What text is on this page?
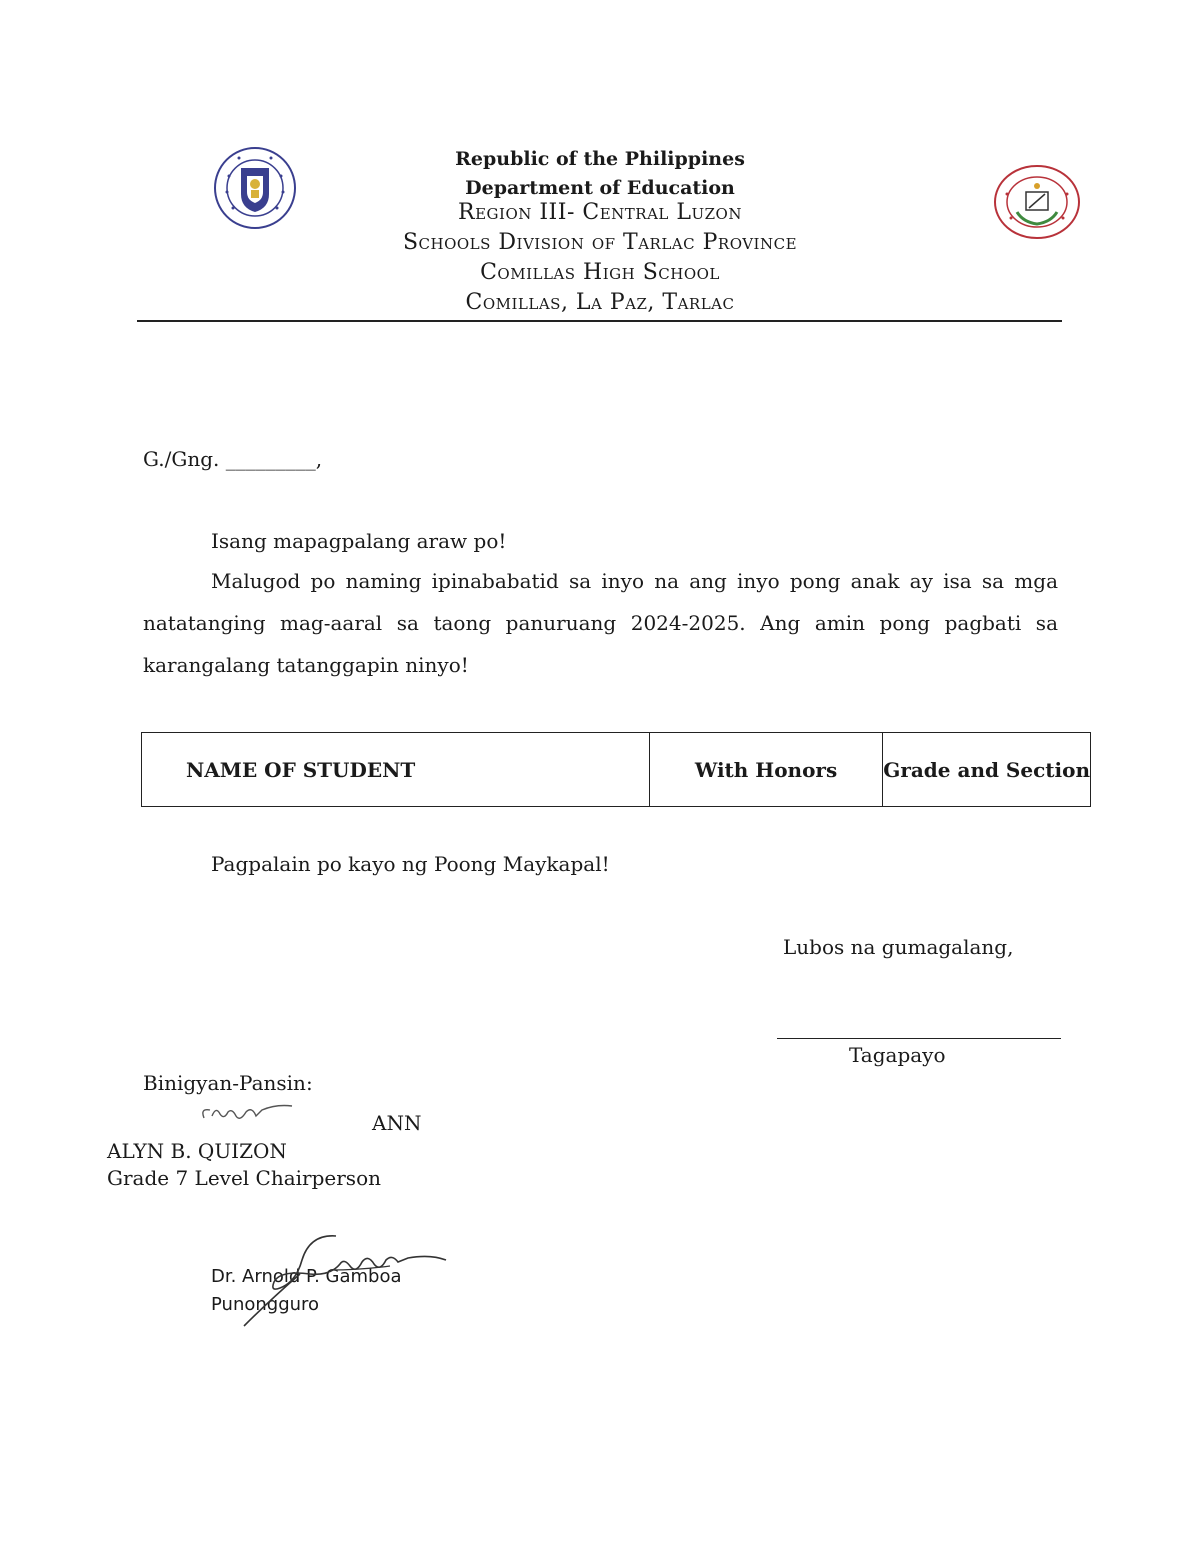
Republic of the Philippines
Department of Education
Region III- Central Luzon
Schools Division of Tarlac Province
Comillas High School
Comillas, La Paz, Tarlac
G./Gng. _________,
Isang mapagpalang araw po!
Malugod po naming ipinababatid sa inyo na ang inyo pong anak ay isa sa mga natatanging mag-aaral sa taong panuruang 2024-2025. Ang amin pong pagbati sa karangalang tatanggapin ninyo!
NAME OF STUDENT	With Honors	Grade and Section
Pagpalain po kayo ng Poong Maykapal!
Lubos na gumagalang,
Tagapayo
Binigyan-Pansin:
ANN
ALYN B. QUIZON
Grade 7 Level Chairperson
Dr. Arnold P. Gamboa
Punongguro
